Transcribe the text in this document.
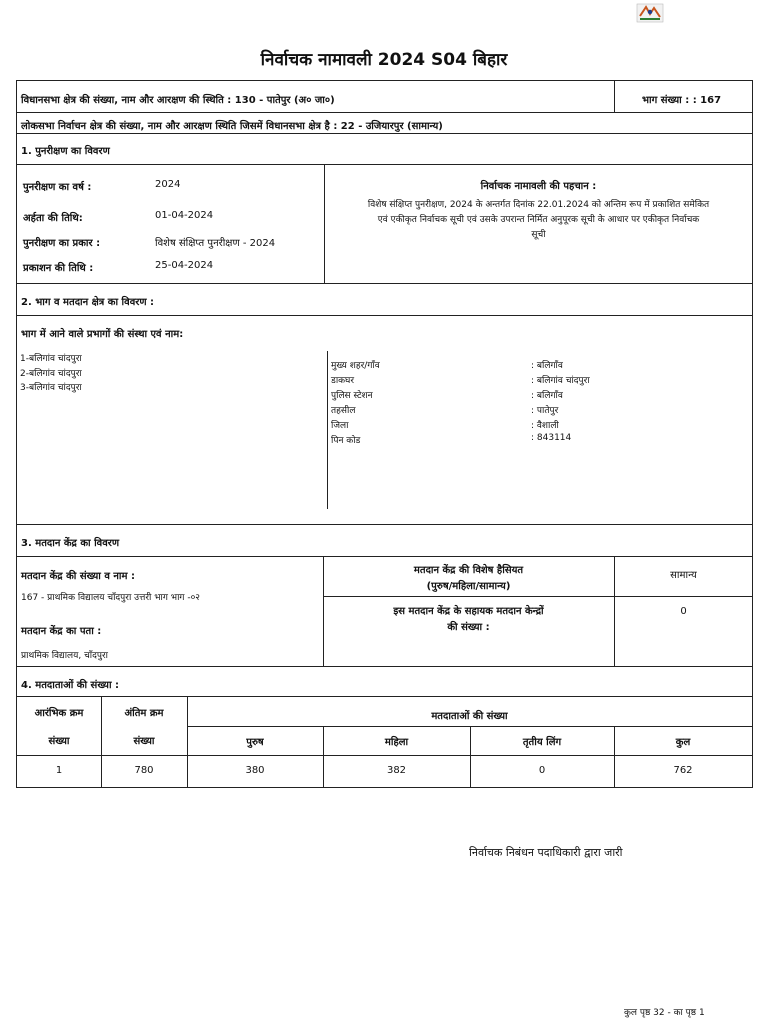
निर्वाचक नामावली 2024 S04 बिहार
विधानसभा क्षेत्र की संख्या, नाम और आरक्षण की स्थिति : 130 - पातेपुर (अ० जा०)	भाग संख्या : : 167
लोकसभा निर्वाचन क्षेत्र की संख्या, नाम और आरक्षण स्थिति जिसमें विधानसभा क्षेत्र है : 22 - उजियारपुर (सामान्य)
1. पुनरीक्षण का विवरण
पुनरीक्षण का वर्ष :	2024
अर्हता की तिथि:	01-04-2024
पुनरीक्षण का प्रकार :	विशेष संक्षिप्त पुनरीक्षण - 2024
प्रकाशन की तिथि :	25-04-2024
निर्वाचक नामावली की पहचान :
विशेष संक्षिप्त पुनरीक्षण, 2024 के अन्तर्गत दिनांक 22.01.2024 को अन्तिम रूप में प्रकाशित समेकित
एवं एकीकृत निर्वाचक सूची एवं उसके उपरान्त निर्मित अनुपूरक सूची के आधार पर एकीकृत निर्वाचक
सूची
2. भाग व मतदान क्षेत्र का विवरण :
भाग में आने वाले प्रभागों की संस्था एवं नाम:
1-बलिगांव चांदपुरा
2-बलिगांव चांदपुरा
3-बलिगांव चांदपुरा
मुख्य शहर/गाँव	: बलिगाँव
डाकघर	: बलिगांव चांदपुरा
पुलिस स्टेशन	: बलिगाँव
तहसील	: पातेपुर
जिला	: वैशाली
पिन कोड	: 843114
3. मतदान केंद्र का विवरण
मतदान केंद्र की संख्या व नाम :
167 - प्राथमिक विद्यालय चाँदपुरा उत्तरी भाग भाग -०२
मतदान केंद्र का पता :
प्राथमिक विद्यालय, चाँदपुरा
मतदान केंद्र की विशेष हैसियत
(पुरुष/महिला/सामान्य)
सामान्य
इस मतदान केंद्र के सहायक मतदान केन्द्रों
की संख्या :
0
4. मतदाताओं की संख्या :
आरंभिक क्रम
संख्या
अंतिम क्रम
संख्या
मतदाताओं की संख्या
पुरुष	महिला	तृतीय लिंग	कुल
1	780	380	382	0	762
निर्वाचक निबंधन पदाधिकारी द्वारा जारी
कुल पृष्ठ 32 - का पृष्ठ 1
